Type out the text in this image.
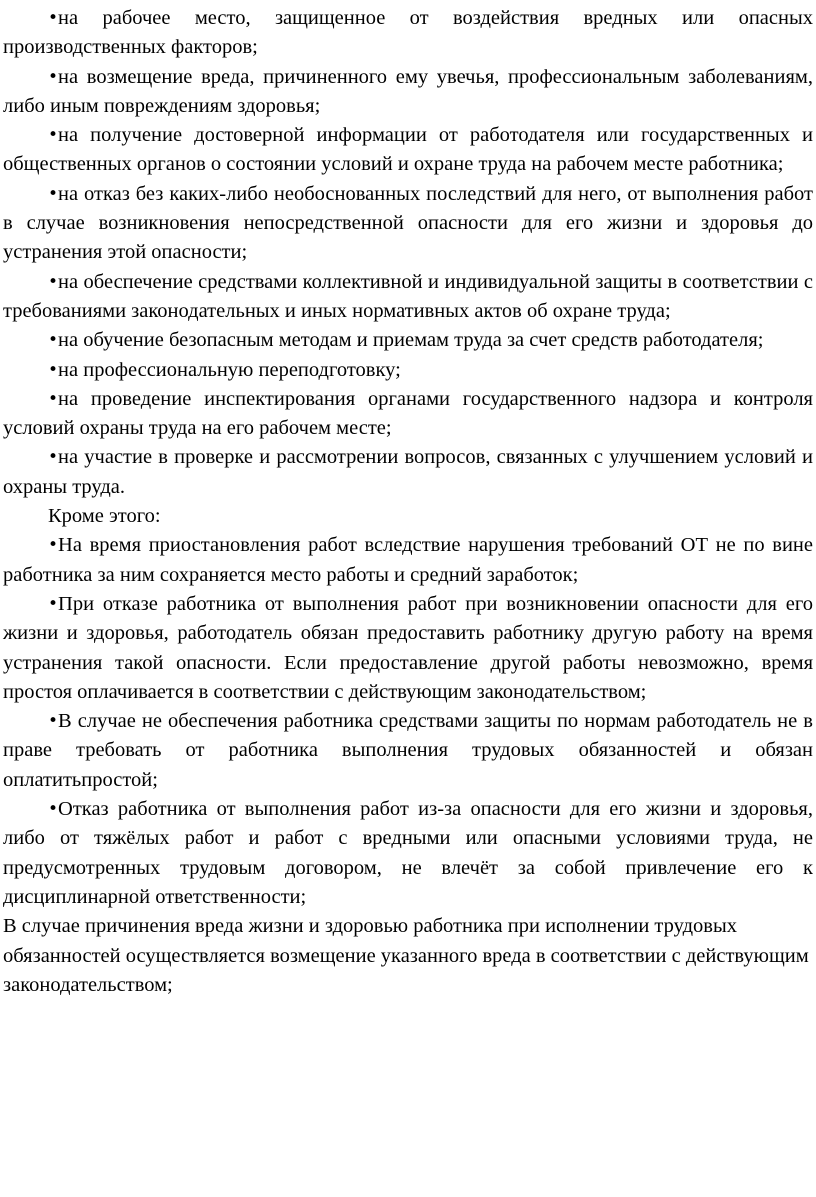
•на рабочее место, защищенное от воздействия вредных или опасных производственных факторов;

•на возмещение вреда, причиненного ему увечья, профессиональным заболеваниям, либо иным повреждениям здоровья;

•на получение достоверной информации от работодателя или государственных и общественных органов о состоянии условий и охране труда на рабочем месте работника;

•на отказ без каких-либо необоснованных последствий для него, от выполнения работ в случае возникновения непосредственной опасности для его жизни и здоровья до устранения этой опасности;

•на обеспечение средствами коллективной и индивидуальной защиты в соответствии с требованиями законодательных и иных нормативных актов об охране труда;

•на обучение безопасным методам и приемам труда за счет средств работодателя;

•на профессиональную переподготовку;

•на проведение инспектирования органами государственного надзора и контроля условий охраны труда на его рабочем месте;

•на участие в проверке и рассмотрении вопросов, связанных с улучшением условий и охраны труда.

Кроме этого:

•На время приостановления работ вследствие нарушения требований ОТ не по вине работника за ним сохраняется место работы и средний заработок;

•При отказе работника от выполнения работ при возникновении опасности для его жизни и здоровья, работодатель обязан предоставить работнику другую работу на время устранения такой опасности. Если предоставление другой работы невозможно, время простоя оплачивается в соответствии с действующим законодательством;

•В случае не обеспечения работника средствами защиты по нормам работодатель не в праве требовать от работника выполнения трудовых обязанностей и обязан оплатитьпростой;

•Отказ работника от выполнения работ из-за опасности для его жизни и здоровья, либо от тяжёлых работ и работ с вредными или опасными условиями труда, не предусмотренных трудовым договором, не влечёт за собой привлечение его к дисциплинарной ответственности;

В случае причинения вреда жизни и здоровью работника при исполнении трудовых обязанностей осуществляется возмещение указанного вреда в соответствии с действующим законодательством;
